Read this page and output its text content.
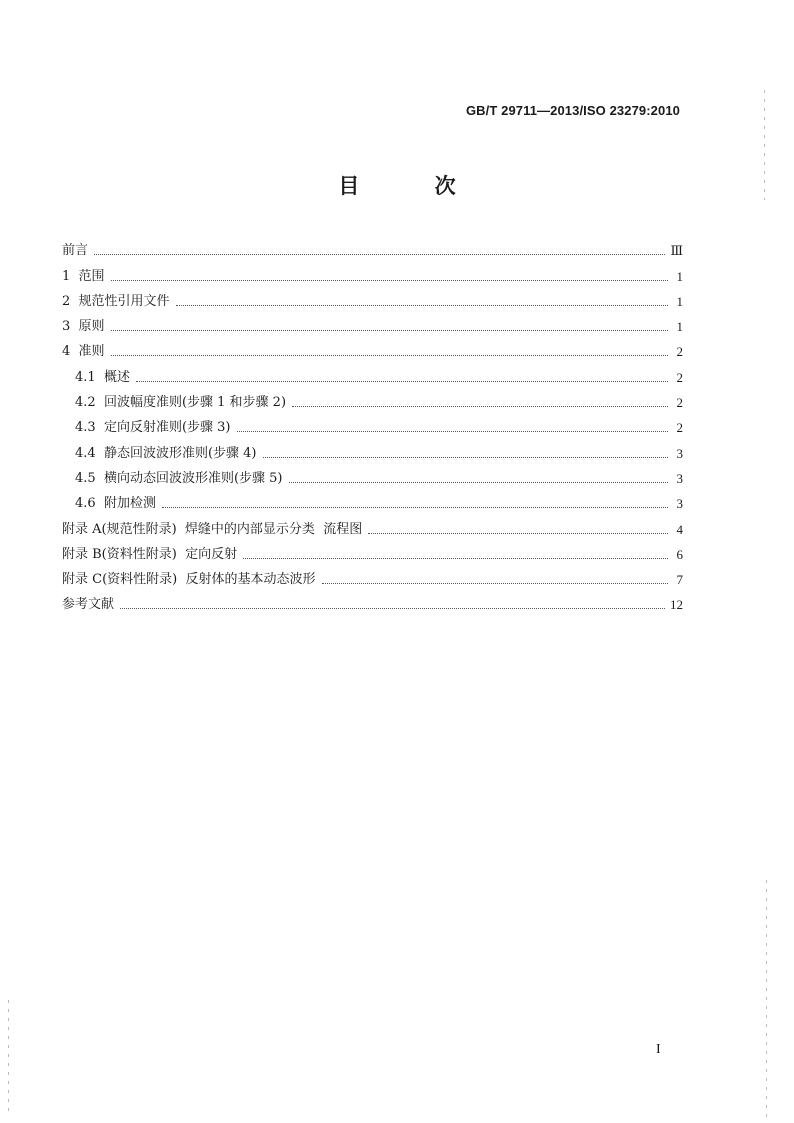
GB/T 29711—2013/ISO 23279:2010
目 次
前言	Ⅲ
1  范围	1
2  规范性引用文件	1
3  原则	1
4  准则	2
4.1  概述	2
4.2  回波幅度准则(步骤 1 和步骤 2)	2
4.3  定向反射准则(步骤 3)	2
4.4  静态回波波形准则(步骤 4)	3
4.5  横向动态回波波形准则(步骤 5)	3
4.6  附加检测	3
附录 A(规范性附录)  焊缝中的内部显示分类  流程图	4
附录 B(资料性附录)  定向反射	6
附录 C(资料性附录)  反射体的基本动态波形	7
参考文献	12
I
